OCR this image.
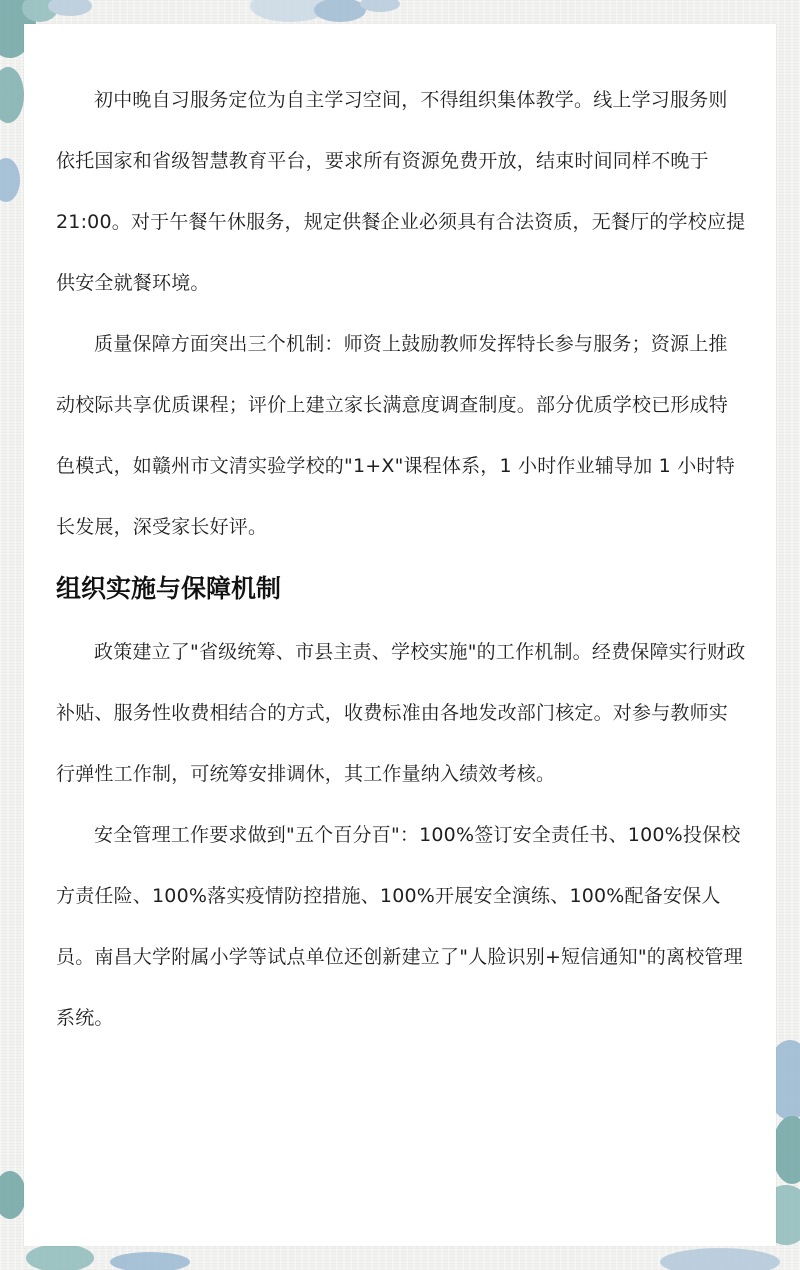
初中晚自习服务定位为自主学习空间，不得组织集体教学。线上学习服务则依托国家和省级智慧教育平台，要求所有资源免费开放，结束时间同样不晚于 21:00。对于午餐午休服务，规定供餐企业必须具有合法资质，无餐厅的学校应提供安全就餐环境。

质量保障方面突出三个机制：师资上鼓励教师发挥特长参与服务；资源上推动校际共享优质课程；评价上建立家长满意度调查制度。部分优质学校已形成特色模式，如赣州市文清实验学校的"1+X"课程体系，1 小时作业辅导加 1 小时特长发展，深受家长好评。

组织实施与保障机制

政策建立了"省级统筹、市县主责、学校实施"的工作机制。经费保障实行财政补贴、服务性收费相结合的方式，收费标准由各地发改部门核定。对参与教师实行弹性工作制，可统筹安排调休，其工作量纳入绩效考核。

安全管理工作要求做到"五个百分百"：100%签订安全责任书、100%投保校方责任险、100%落实疫情防控措施、100%开展安全演练、100%配备安保人员。南昌大学附属小学等试点单位还创新建立了"人脸识别+短信通知"的离校管理系统。
